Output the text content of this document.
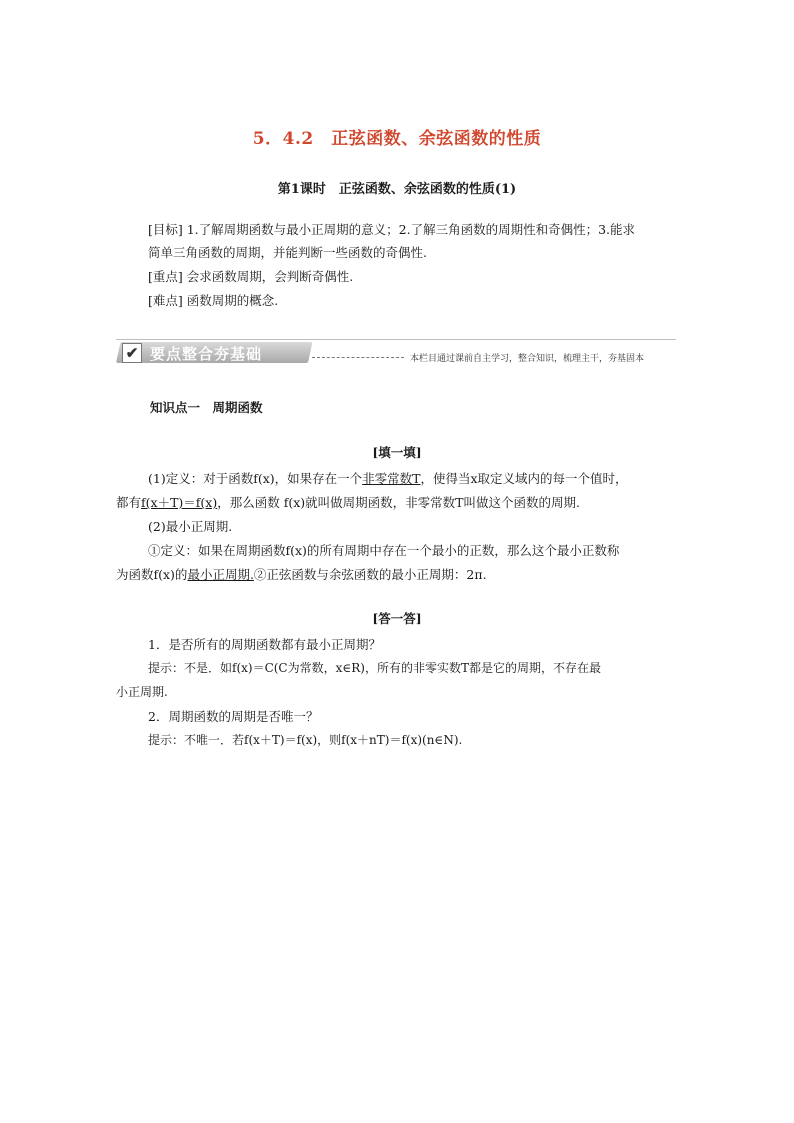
5．4.2　正弦函数、余弦函数的性质
第1课时　正弦函数、余弦函数的性质(1)
[目标] 1.了解周期函数与最小正周期的意义；2.了解三角函数的周期性和奇偶性；3.能求
简单三角函数的周期，并能判断一些函数的奇偶性.
[重点] 会求函数周期，会判断奇偶性.
[难点] 函数周期的概念.
✔ 要点整合夯基础	本栏目通过课前自主学习，整合知识，梳理主干，夯基固本
知识点一　周期函数
[填一填]
(1)定义：对于函数f(x)，如果存在一个非零常数T，使得当x取定义域内的每一个值时，
都有f(x＋T)＝f(x)，那么函数 f(x)就叫做周期函数，非零常数T叫做这个函数的周期.
(2)最小正周期.
①定义：如果在周期函数f(x)的所有周期中存在一个最小的正数，那么这个最小正数称
为函数f(x)的最小正周期.②正弦函数与余弦函数的最小正周期：2π.
[答一答]
1．是否所有的周期函数都有最小正周期？
提示：不是．如f(x)＝C(C为常数，x∈R)，所有的非零实数T都是它的周期，不存在最
小正周期.
2．周期函数的周期是否唯一？
提示：不唯一．若f(x＋T)＝f(x)，则f(x＋nT)＝f(x)(n∈N).
